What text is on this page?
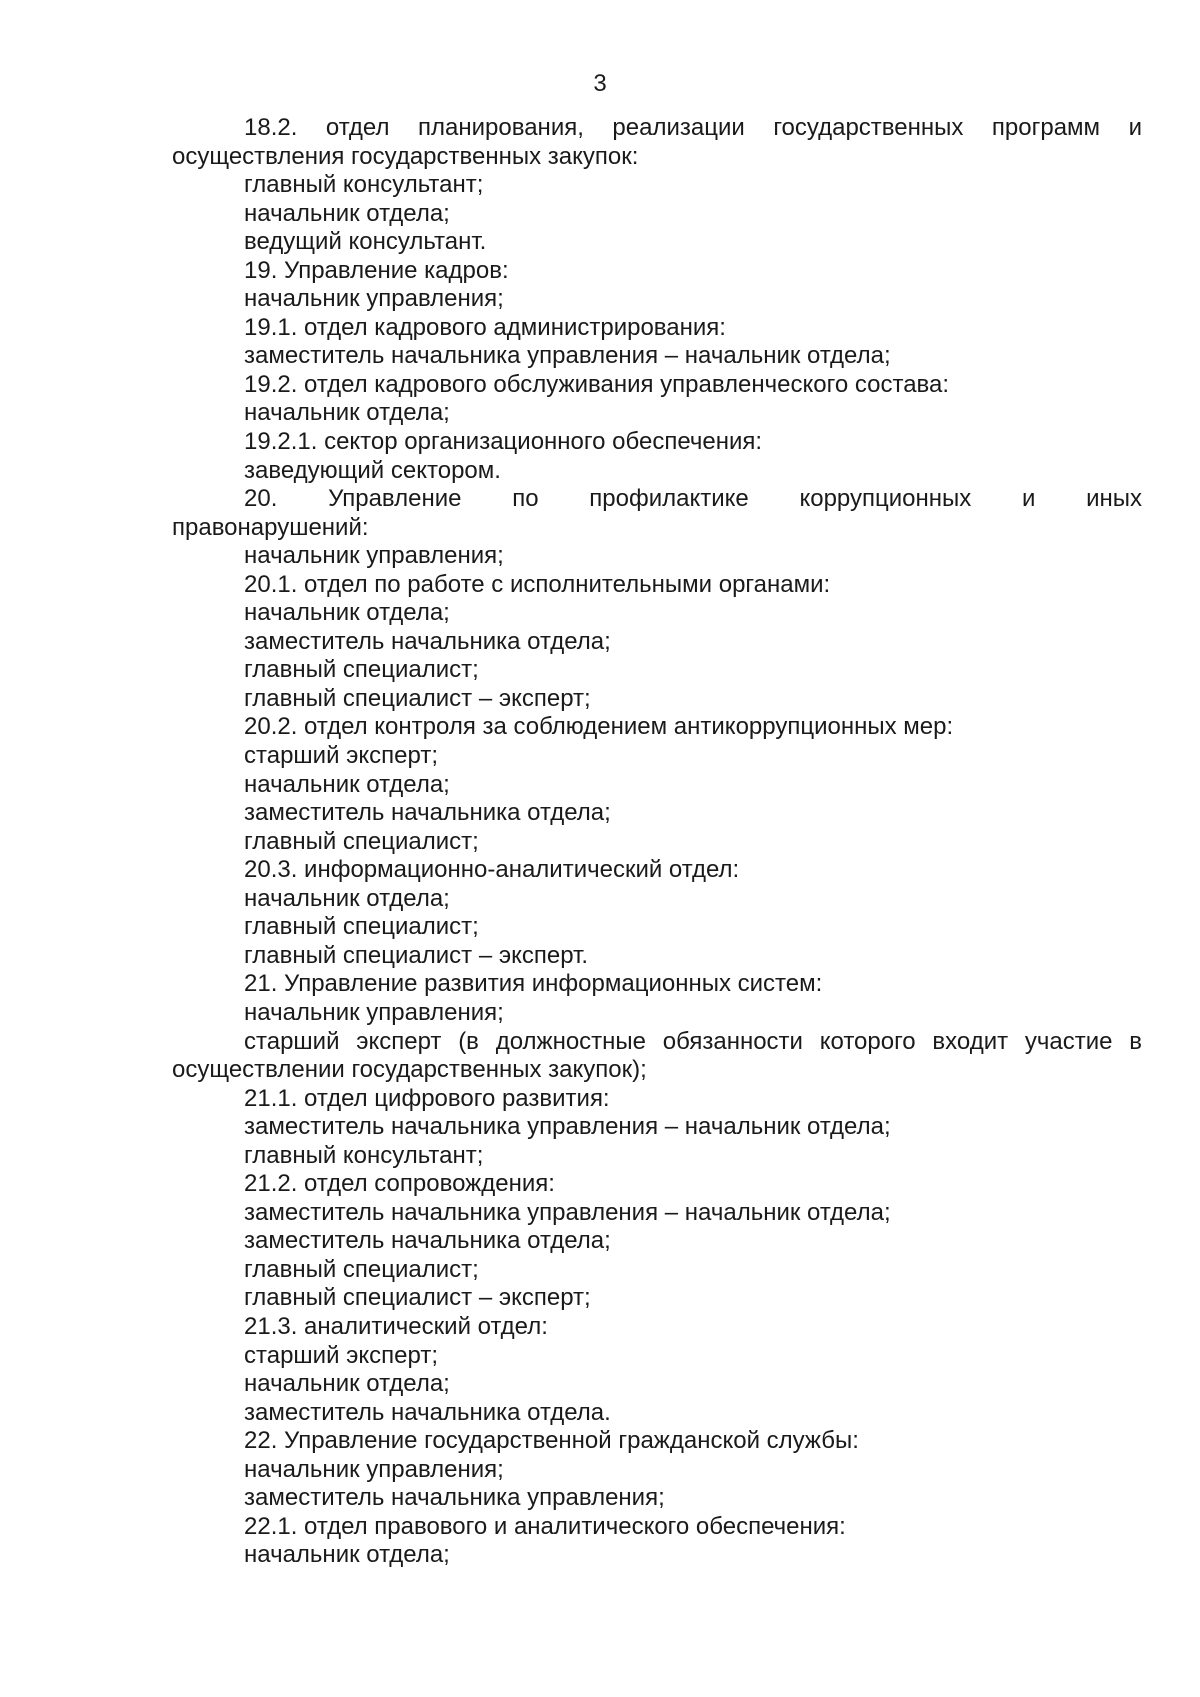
3
18.2. отдел планирования, реализации государственных программ и
осуществления государственных закупок:
главный консультант;
начальник отдела;
ведущий консультант.
19. Управление кадров:
начальник управления;
19.1. отдел кадрового администрирования:
заместитель начальника управления – начальник отдела;
19.2. отдел кадрового обслуживания управленческого состава:
начальник отдела;
19.2.1. сектор организационного обеспечения:
заведующий сектором.
20. Управление по профилактике коррупционных и иных
правонарушений:
начальник управления;
20.1. отдел по работе с исполнительными органами:
начальник отдела;
заместитель начальника отдела;
главный специалист;
главный специалист – эксперт;
20.2. отдел контроля за соблюдением антикоррупционных мер:
старший эксперт;
начальник отдела;
заместитель начальника отдела;
главный специалист;
20.3. информационно-аналитический отдел:
начальник отдела;
главный специалист;
главный специалист – эксперт.
21. Управление развития информационных систем:
начальник управления;
старший эксперт (в должностные обязанности которого входит участие в
осуществлении государственных закупок);
21.1. отдел цифрового развития:
заместитель начальника управления – начальник отдела;
главный консультант;
21.2. отдел сопровождения:
заместитель начальника управления – начальник отдела;
заместитель начальника отдела;
главный специалист;
главный специалист – эксперт;
21.3. аналитический отдел:
старший эксперт;
начальник отдела;
заместитель начальника отдела.
22. Управление государственной гражданской службы:
начальник управления;
заместитель начальника управления;
22.1. отдел правового и аналитического обеспечения:
начальник отдела;
